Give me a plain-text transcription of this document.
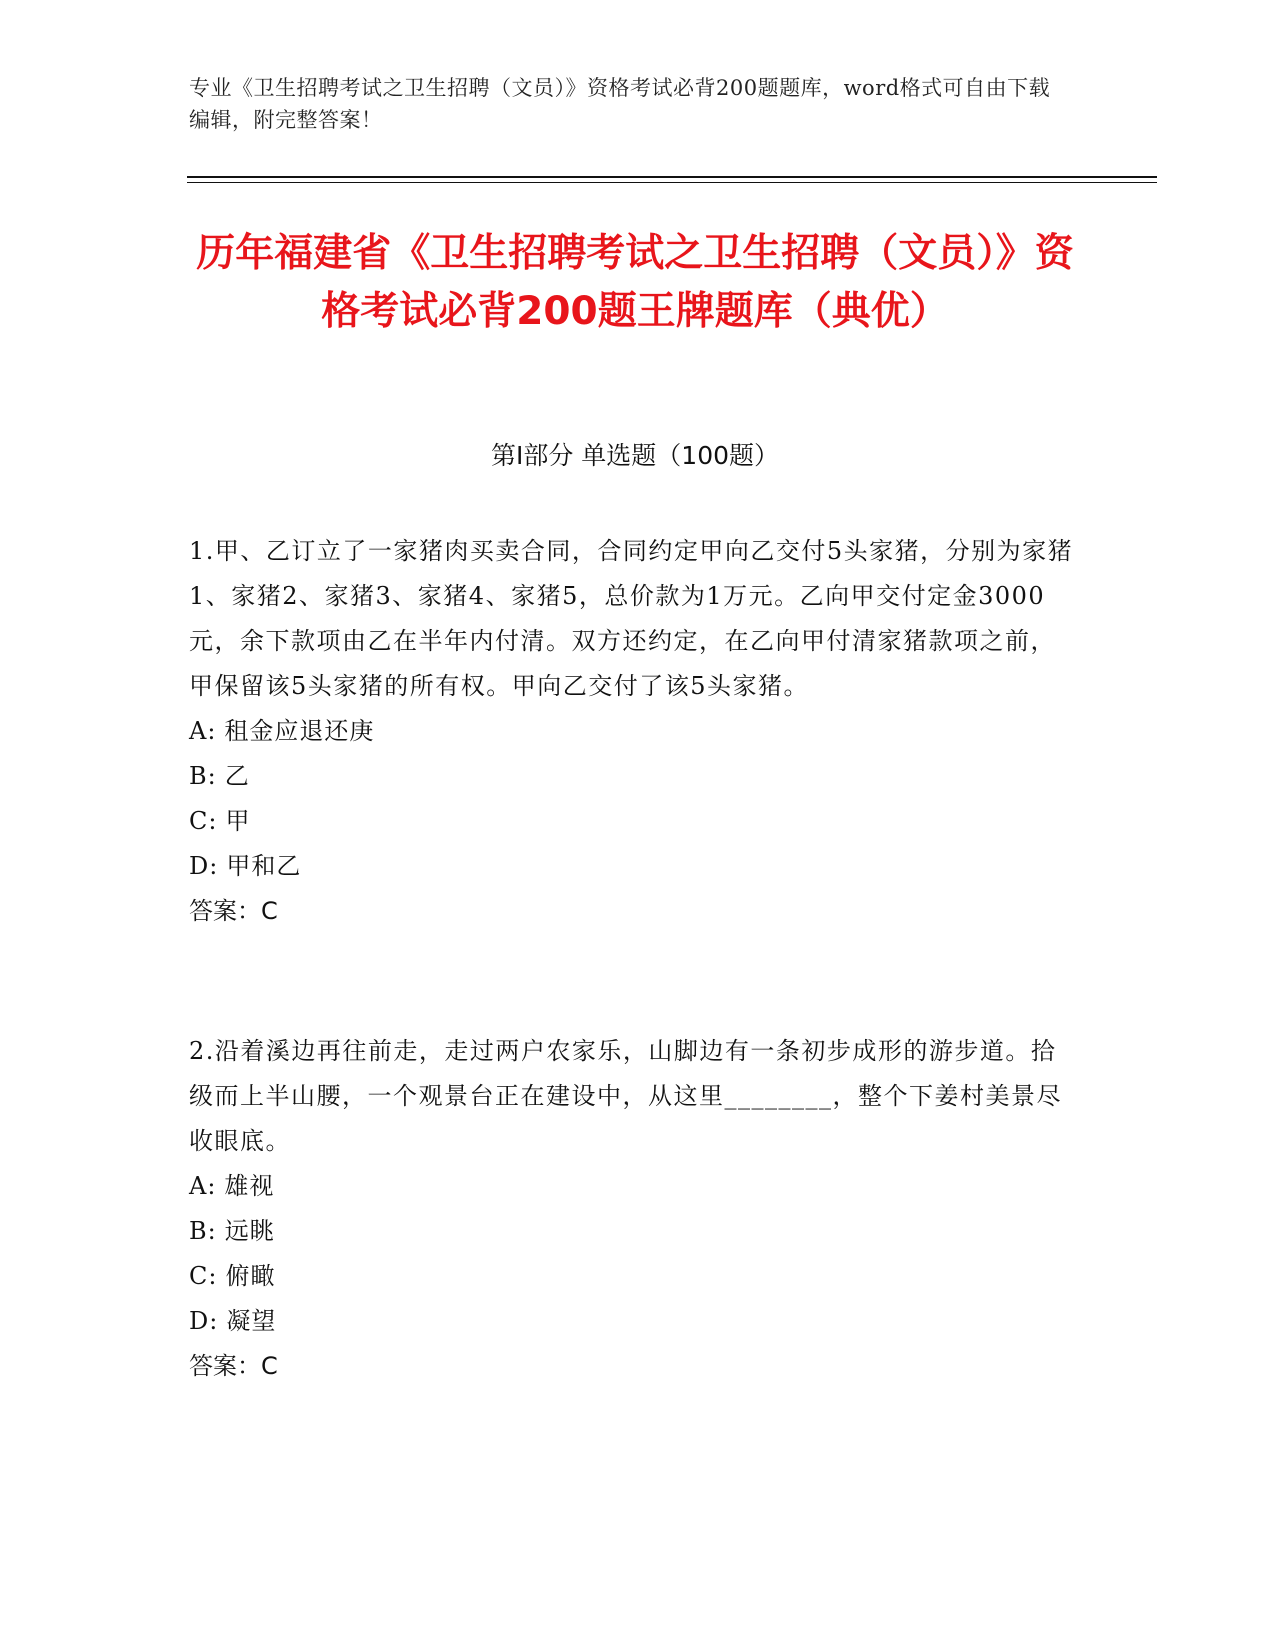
专业《卫生招聘考试之卫生招聘（文员）》资格考试必背200题题库，word格式可自由下载编辑，附完整答案！
历年福建省《卫生招聘考试之卫生招聘（文员）》资格考试必背200题王牌题库（典优）
第I部分 单选题（100题）
1.甲、乙订立了一家猪肉买卖合同，合同约定甲向乙交付5头家猪，分别为家猪1、家猪2、家猪3、家猪4、家猪5，总价款为1万元。乙向甲交付定金3000元，余下款项由乙在半年内付清。双方还约定，在乙向甲付清家猪款项之前，甲保留该5头家猪的所有权。甲向乙交付了该5头家猪。
A: 租金应退还庚
B: 乙
C: 甲
D: 甲和乙
答案：C
2.沿着溪边再往前走，走过两户农家乐，山脚边有一条初步成形的游步道。拾级而上半山腰，一个观景台正在建设中，从这里________，整个下姜村美景尽收眼底。
A: 雄视
B: 远眺
C: 俯瞰
D: 凝望
答案：C
